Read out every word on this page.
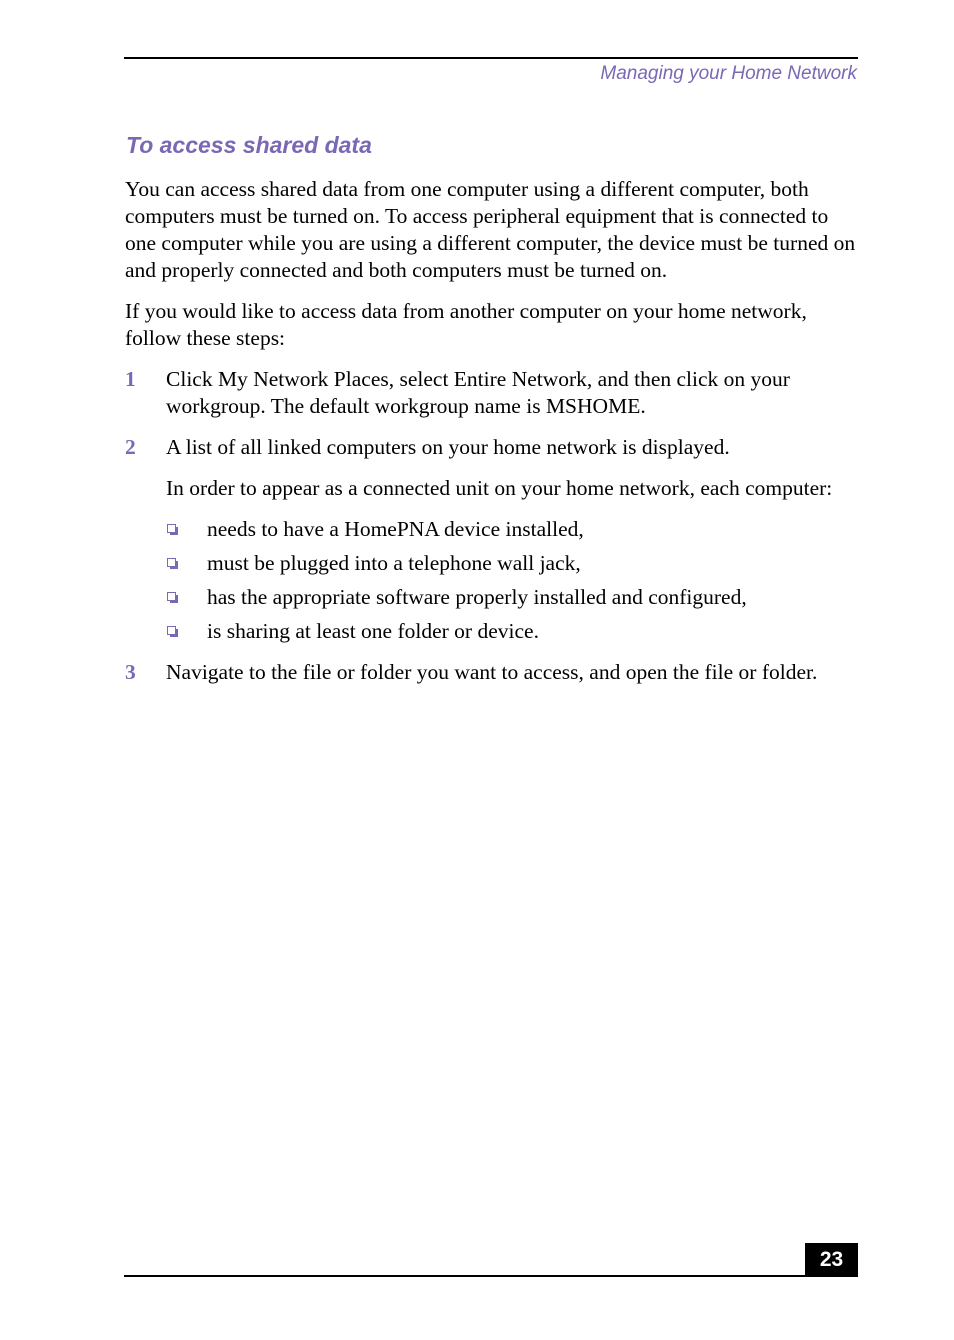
Managing your Home Network
To access shared data

You can access shared data from one computer using a different computer, both computers must be turned on. To access peripheral equipment that is connected to one computer while you are using a different computer, the device must be turned on and properly connected and both computers must be turned on.

If you would like to access data from another computer on your home network, follow these steps:

1 Click My Network Places, select Entire Network, and then click on your workgroup. The default workgroup name is MSHOME.

2 A list of all linked computers on your home network is displayed.

In order to appear as a connected unit on your home network, each computer:

needs to have a HomePNA device installed,
must be plugged into a telephone wall jack,
has the appropriate software properly installed and configured,
is sharing at least one folder or device.
3 Navigate to the file or folder you want to access, and open the file or folder.

23
